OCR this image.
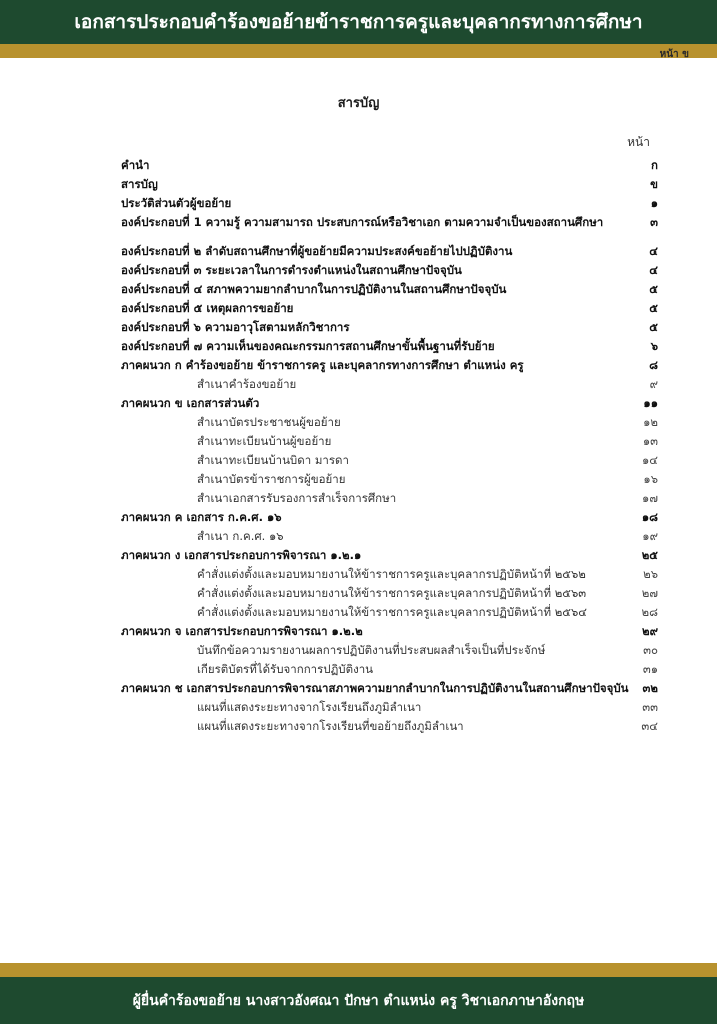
เอกสารประกอบคำร้องขอย้ายข้าราชการครูและบุคลากรทางการศึกษา
หน้า ข
สารบัญ
หน้า
คำนำ	ก
สารบัญ	ข
ประวัติส่วนตัวผู้ขอย้าย	๑
องค์ประกอบที่ 1 ความรู้ ความสามารถ ประสบการณ์หรือวิชาเอก ตามความจำเป็นของสถานศึกษา	๓
องค์ประกอบที่ ๒ ลำดับสถานศึกษาที่ผู้ขอย้ายมีความประสงค์ขอย้ายไปปฏิบัติงาน	๔
องค์ประกอบที่ ๓ ระยะเวลาในการดำรงตำแหน่งในสถานศึกษาปัจจุบัน	๔
องค์ประกอบที่ ๔ สภาพความยากลำบากในการปฏิบัติงานในสถานศึกษาปัจจุบัน	๕
องค์ประกอบที่ ๕ เหตุผลการขอย้าย	๕
องค์ประกอบที่ ๖ ความอาวุโสตามหลักวิชาการ	๕
องค์ประกอบที่ ๗ ความเห็นของคณะกรรมการสถานศึกษาขั้นพื้นฐานที่รับย้าย	๖
ภาคผนวก ก คำร้องขอย้าย ข้าราชการครู และบุคลากรทางการศึกษา ตำแหน่ง ครู	๘
สำเนาคำร้องขอย้าย	๙
ภาคผนวก ข เอกสารส่วนตัว	๑๑
สำเนาบัตรประชาชนผู้ขอย้าย	๑๒
สำเนาทะเบียนบ้านผู้ขอย้าย	๑๓
สำเนาทะเบียนบ้านบิดา มารดา	๑๔
สำเนาบัตรข้าราชการผู้ขอย้าย	๑๖
สำเนาเอกสารรับรองการสำเร็จการศึกษา	๑๗
ภาคผนวก ค เอกสาร ก.ค.ศ. ๑๖	๑๘
สำเนา ก.ค.ศ. ๑๖	๑๙
ภาคผนวก ง เอกสารประกอบการพิจารณา ๑.๒.๑	๒๕
คำสั่งแต่งตั้งและมอบหมายงานให้ข้าราชการครูและบุคลากรปฏิบัติหน้าที่ ๒๕๖๒	๒๖
คำสั่งแต่งตั้งและมอบหมายงานให้ข้าราชการครูและบุคลากรปฏิบัติหน้าที่ ๒๕๖๓	๒๗
คำสั่งแต่งตั้งและมอบหมายงานให้ข้าราชการครูและบุคลากรปฏิบัติหน้าที่ ๒๕๖๔	๒๘
ภาคผนวก จ เอกสารประกอบการพิจารณา ๑.๒.๒	๒๙
บันทึกข้อความรายงานผลการปฏิบัติงานที่ประสบผลสำเร็จเป็นที่ประจักษ์	๓๐
เกียรติบัตรที่ได้รับจากการปฏิบัติงาน	๓๑
ภาคผนวก ช เอกสารประกอบการพิจารณาสภาพความยากลำบากในการปฏิบัติงานในสถานศึกษาปัจจุบัน	๓๒
แผนที่แสดงระยะทางจากโรงเรียนถึงภูมิลำเนา	๓๓
แผนที่แสดงระยะทางจากโรงเรียนที่ขอย้ายถึงภูมิลำเนา	๓๔
ผู้ยื่นคำร้องขอย้าย นางสาวอังศณา ปักษา ตำแหน่ง ครู วิชาเอกภาษาอังกฤษ
